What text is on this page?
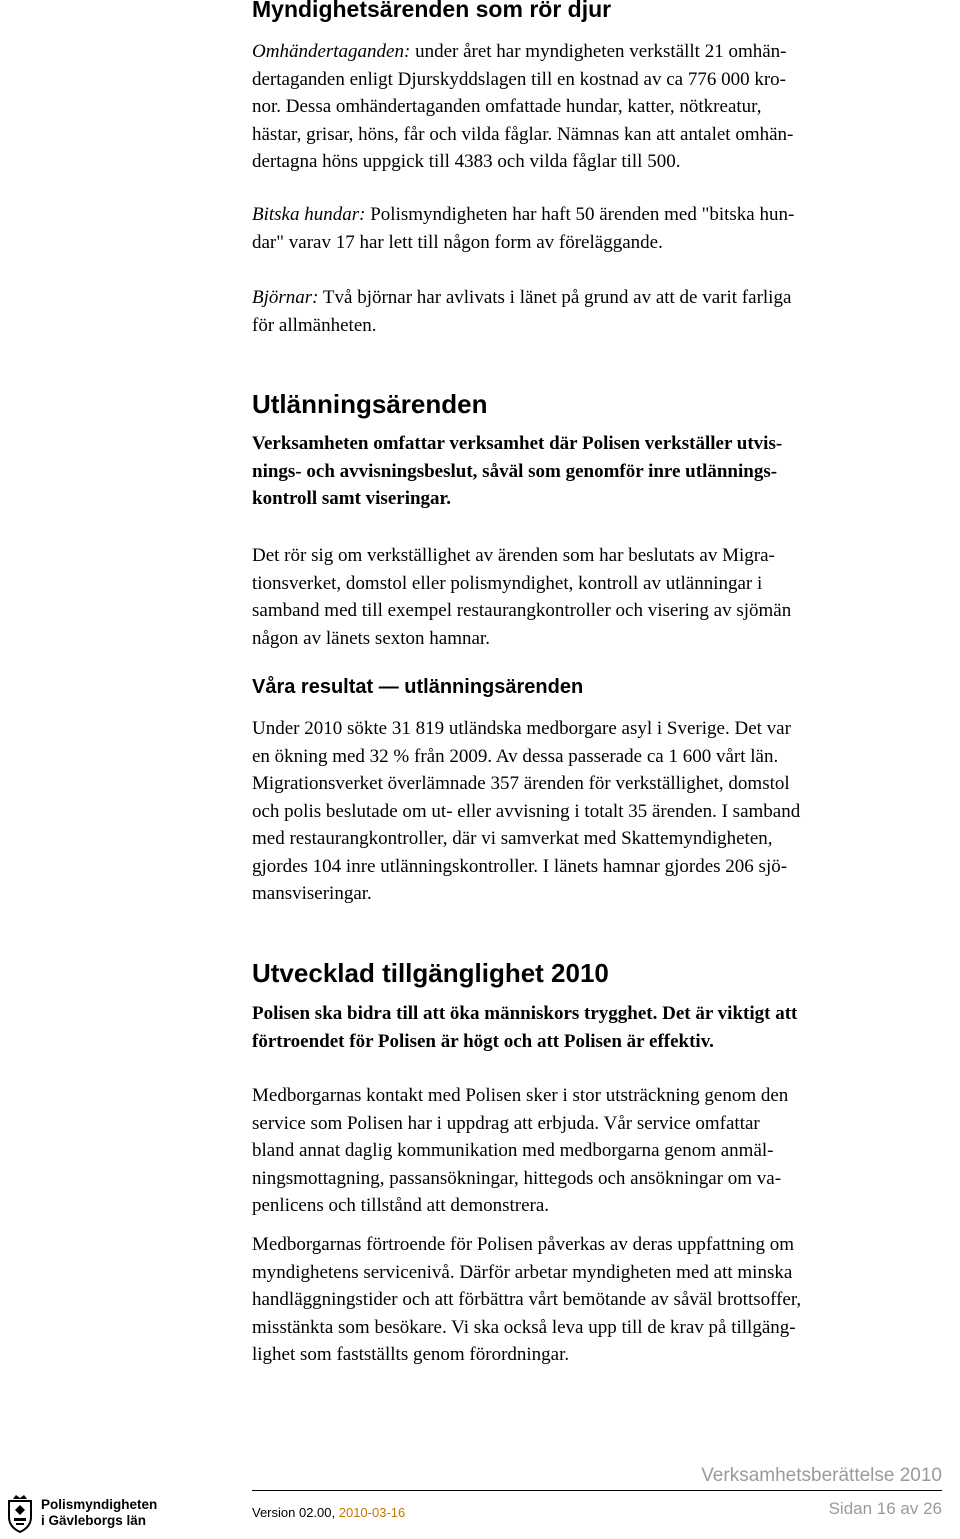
Myndighetsärenden som rör djur

Omhändertaganden: under året har myndigheten verkställt 21 omhän-
dertaganden enligt Djurskyddslagen till en kostnad av ca 776 000 kro-
nor. Dessa omhändertaganden omfattade hundar, katter, nötkreatur,
hästar, grisar, höns, får och vilda fåglar. Nämnas kan att antalet omhän-
dertagna höns uppgick till 4383 och vilda fåglar till 500.

Bitska hundar: Polismyndigheten har haft 50 ärenden med "bitska hun-
dar" varav 17 har lett till någon form av föreläggande.

Björnar: Två björnar har avlivats i länet på grund av att de varit farliga
för allmänheten.

Utlänningsärenden

Verksamheten omfattar verksamhet där Polisen verkställer utvis-
nings- och avvisningsbeslut, såväl som genomför inre utlännings-
kontroll samt viseringar.

Det rör sig om verkställighet av ärenden som har beslutats av Migra-
tionsverket, domstol eller polismyndighet, kontroll av utlänningar i
samband med till exempel restaurangkontroller och visering av sjömän
någon av länets sexton hamnar.

Våra resultat — utlänningsärenden

Under 2010 sökte 31 819 utländska medborgare asyl i Sverige. Det var
en ökning med 32 % från 2009. Av dessa passerade ca 1 600 vårt län.
Migrationsverket överlämnade 357 ärenden för verkställighet, domstol
och polis beslutade om ut- eller avvisning i totalt 35 ärenden. I samband
med restaurangkontroller, där vi samverkat med Skattemyndigheten,
gjordes 104 inre utlänningskontroller. I länets hamnar gjordes 206 sjö-
mansviseringar.

Utvecklad tillgänglighet 2010

Polisen ska bidra till att öka människors trygghet. Det är viktigt att
förtroendet för Polisen är högt och att Polisen är effektiv.

Medborgarnas kontakt med Polisen sker i stor utsträckning genom den
service som Polisen har i uppdrag att erbjuda. Vår service omfattar
bland annat daglig kommunikation med medborgarna genom anmäl-
ningsmottagning, passansökningar, hittegods och ansökningar om va-
penlicens och tillstånd att demonstrera.

Medborgarnas förtroende för Polisen påverkas av deras uppfattning om
myndighetens servicenivå. Därför arbetar myndigheten med att minska
handläggningstider och att förbättra vårt bemötande av såväl brottsoffer,
misstänkta som besökare. Vi ska också leva upp till de krav på tillgäng-
lighet som fastställts genom förordningar.

Verksamhetsberättelse 2010
Polismyndigheten
i Gävleborgs län
Version 02.00, 2010-03-16	Sidan 16 av 26
